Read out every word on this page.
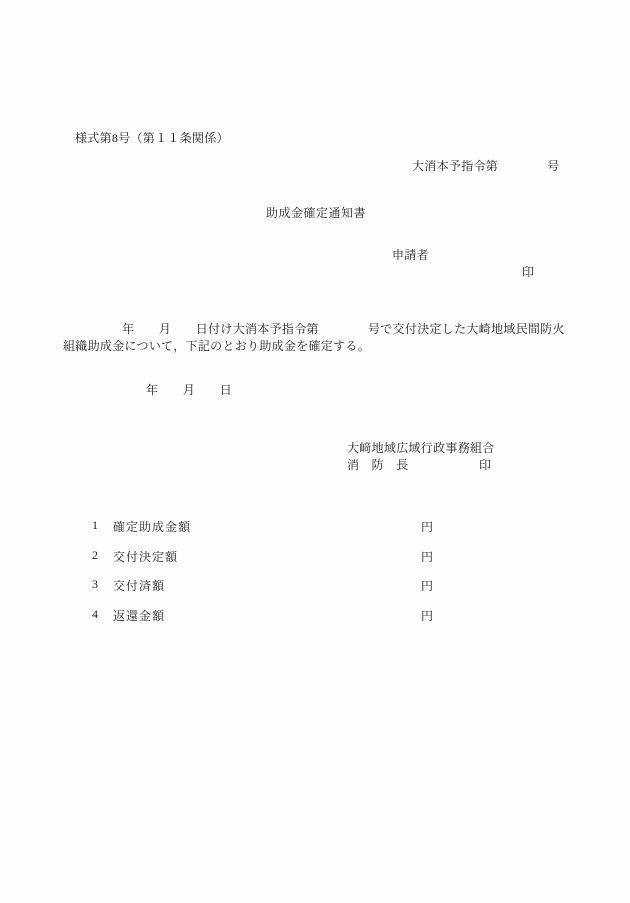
様式第8号（第１１条関係）
大消本予指令第　　　　号
助成金確定通知書
申請者
印
年　　月　　日付け大消本予指令第　　　　号で交付決定した大崎地域民間防火
組織助成金について，下記のとおり助成金を確定する。
年　　月　　日
大﨑地域広域行政事務組合
消　防　長	印
1 確定助成金額	円
2 交付決定額	円
3 交付済額	円
4 返還金額	円
